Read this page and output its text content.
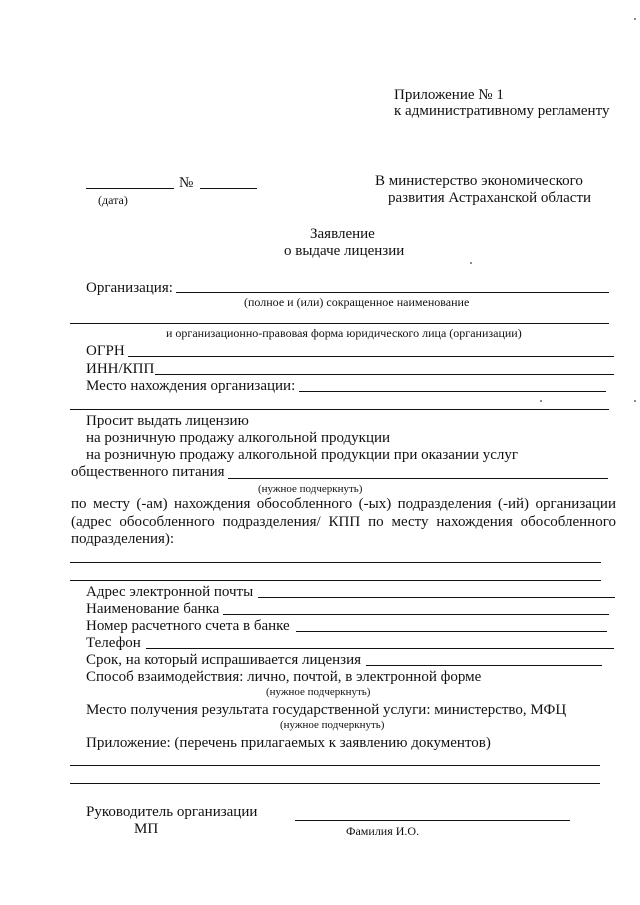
Приложение № 1
к административному регламенту
№
(дата)
В министерство экономического
развития Астраханской области
Заявление
о выдаче лицензии
Организация:
(полное и (или) сокращенное наименование
и организационно-правовая форма юридического лица (организации)
ОГРН
ИНН/КПП
Место нахождения организации:
Просит выдать лицензию
на розничную продажу алкогольной продукции
на розничную продажу алкогольной продукции при оказании услуг
общественного питания
(нужное подчеркнуть)
по месту (-ам) нахождения обособленного (-ых) подразделения (-ий) организации (адрес обособленного подразделения/ КПП по месту нахождения обособленного подразделения):
Адрес электронной почты
Наименование банка
Номер расчетного счета в банке
Телефон
Срок, на который испрашивается лицензия
Способ взаимодействия: лично, почтой, в электронной форме
(нужное подчеркнуть)
Место получения результата государственной услуги: министерство, МФЦ
(нужное подчеркнуть)
Приложение: (перечень прилагаемых к заявлению документов)
Руководитель организации
МП	Фамилия И.О.
